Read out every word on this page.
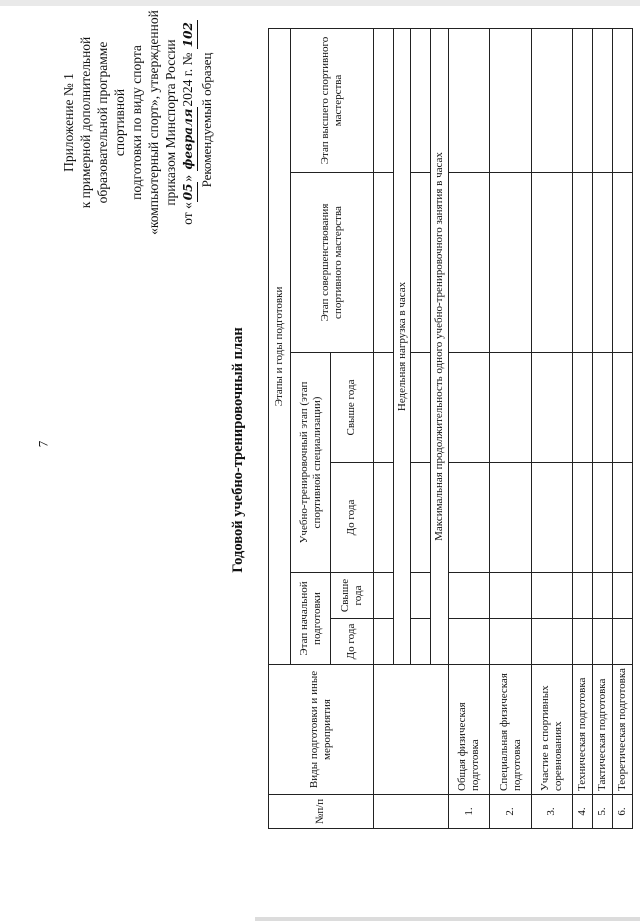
7
Приложение № 1 к примерной дополнительной образовательной программе спортивной подготовки по виду спорта «компьютерный спорт», утвержденной приказом Минспорта России
от «05» февраля2024 г. № 102
Рекомендуемый образец
Годовой учебно-тренировочный план
№п/п	Виды подготовки и иные мероприятия	Этапы и годы подготовки					
		Этап начальной подготовки		Учебно-тренировочный этап (этап спортивной специализации)		Этап совершенствования спортивного мастерства	Этап высшего спортивного мастерства
		До года	Свыше года	До года	Свыше года		

		Недельная нагрузка в часах					

		Максимальная продолжительность одного учебно-тренировочного занятия в часах					
1.	Общая физическая подготовка						
2.	Специальная физическая подготовка						
3.	Участие в спортивных соревнованиях						
4.	Техническая подготовка						
5.	Тактическая подготовка						
6.	Теоретическая подготовка						
